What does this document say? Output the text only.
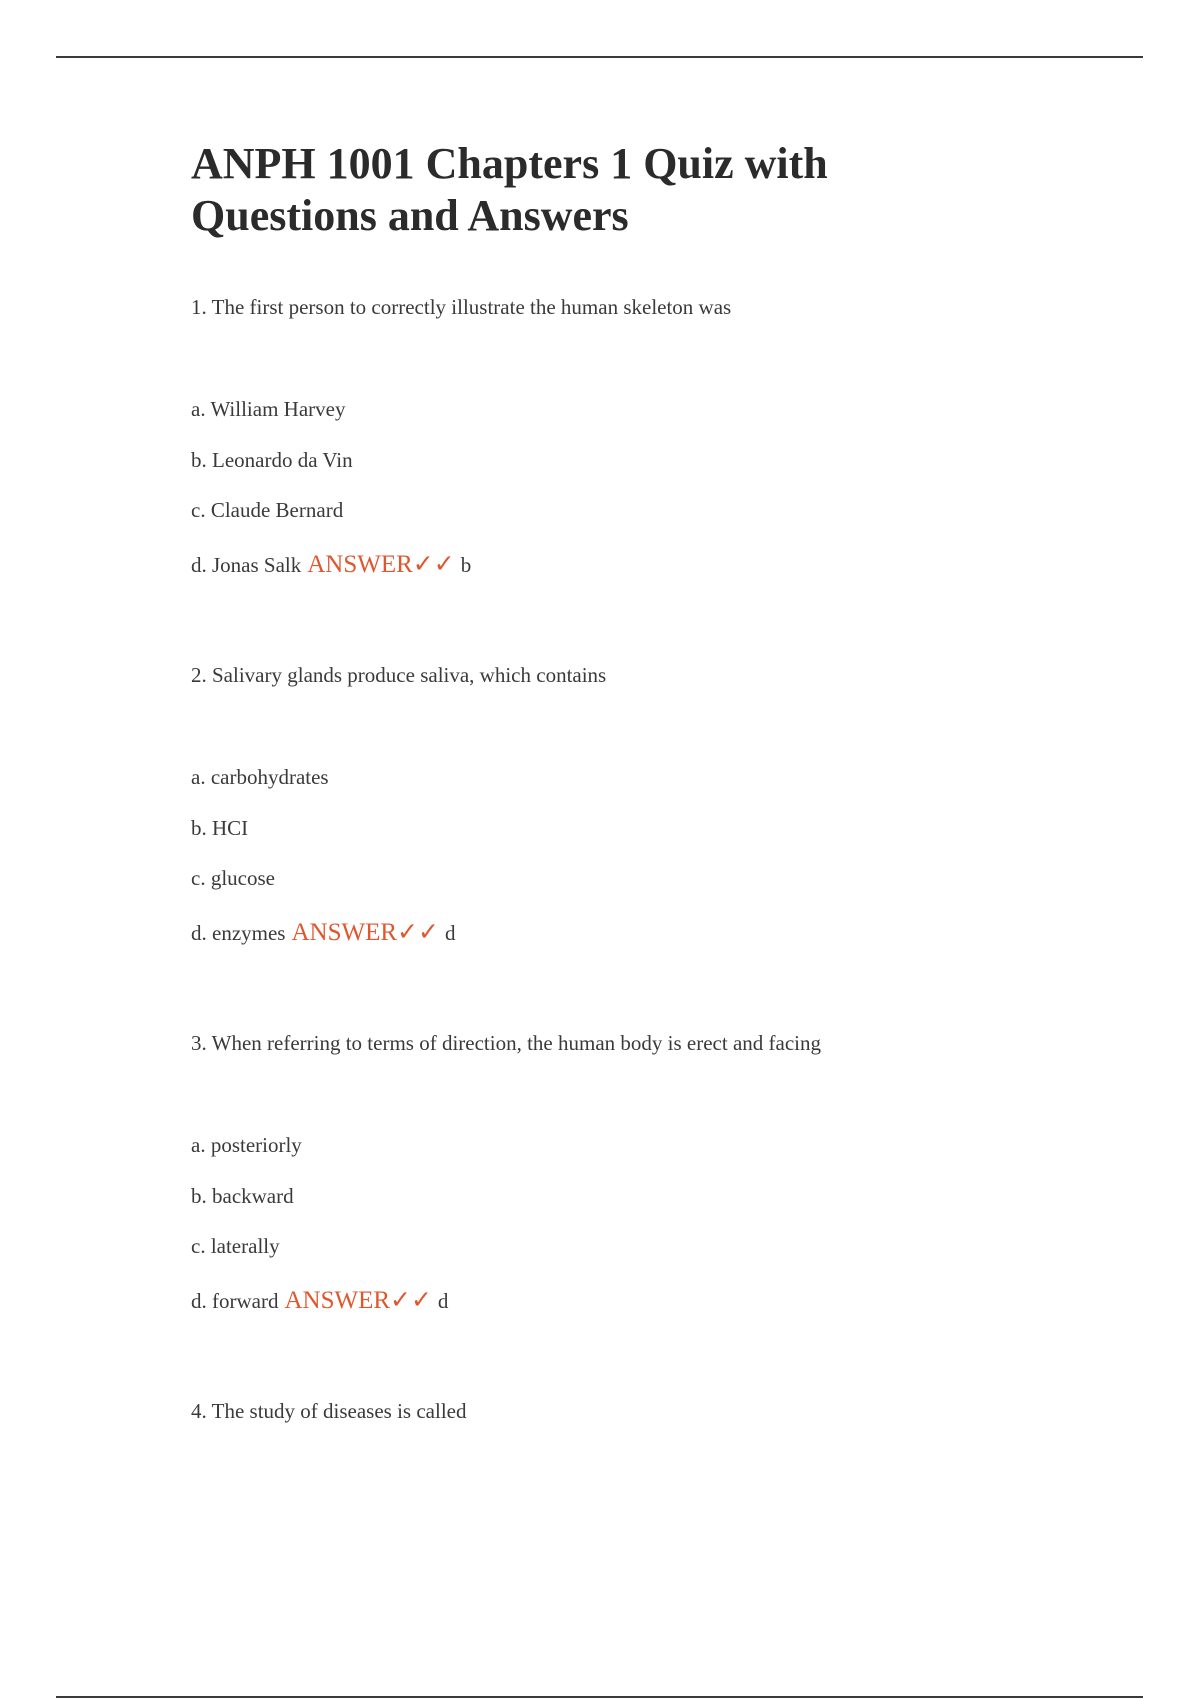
ANPH 1001 Chapters 1 Quiz with
Questions and Answers

1. The first person to correctly illustrate the human skeleton was

a. William Harvey
b. Leonardo da Vin
c. Claude Bernard
d. Jonas Salk ANSWER✓✓ b

2. Salivary glands produce saliva, which contains

a. carbohydrates
b. HCI
c. glucose
d. enzymes ANSWER✓✓ d

3. When referring to terms of direction, the human body is erect and facing

a. posteriorly
b. backward
c. laterally
d. forward ANSWER✓✓ d

4. The study of diseases is called
